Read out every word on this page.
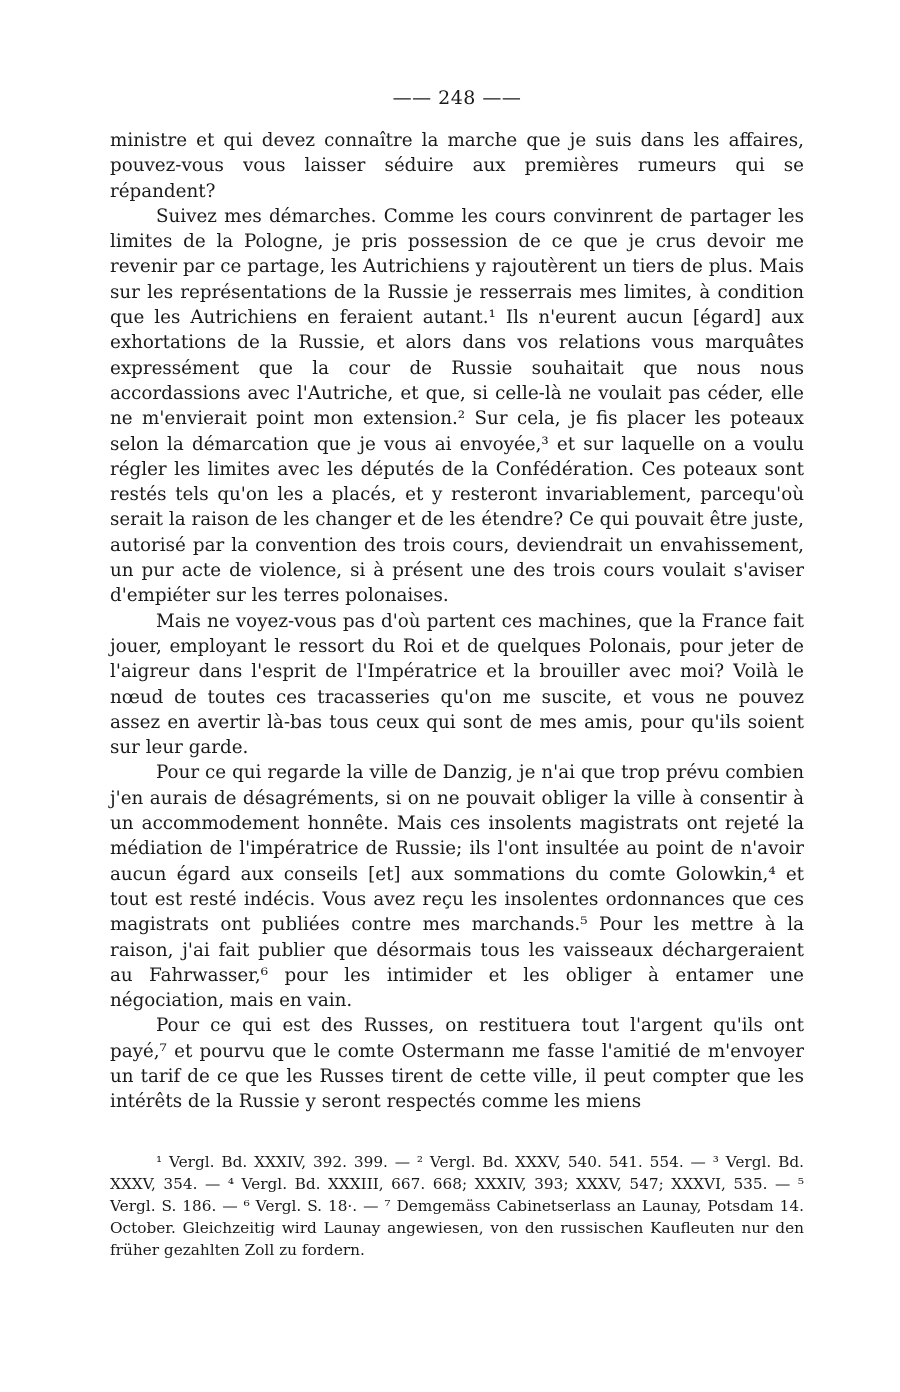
—— 248 ——

ministre et qui devez connaître la marche que je suis dans les affaires, pouvez-vous vous laisser séduire aux premières rumeurs qui se répandent?

Suivez mes démarches. Comme les cours convinrent de partager les limites de la Pologne, je pris possession de ce que je crus devoir me revenir par ce partage, les Autrichiens y rajoutèrent un tiers de plus. Mais sur les représentations de la Russie je resserrais mes limites, à condition que les Autrichiens en feraient autant.¹ Ils n'eurent aucun [égard] aux exhortations de la Russie, et alors dans vos relations vous marquâtes expressément que la cour de Russie souhaitait que nous nous accordassions avec l'Autriche, et que, si celle-là ne voulait pas céder, elle ne m'envierait point mon extension.² Sur cela, je fis placer les poteaux selon la démarcation que je vous ai envoyée,³ et sur laquelle on a voulu régler les limites avec les députés de la Confédération. Ces poteaux sont restés tels qu'on les a placés, et y resteront invariablement, parcequ'où serait la raison de les changer et de les étendre? Ce qui pouvait être juste, autorisé par la convention des trois cours, deviendrait un envahissement, un pur acte de violence, si à présent une des trois cours voulait s'aviser d'empiéter sur les terres polonaises.

Mais ne voyez-vous pas d'où partent ces machines, que la France fait jouer, employant le ressort du Roi et de quelques Polonais, pour jeter de l'aigreur dans l'esprit de l'Impératrice et la brouiller avec moi? Voilà le nœud de toutes ces tracasseries qu'on me suscite, et vous ne pouvez assez en avertir là-bas tous ceux qui sont de mes amis, pour qu'ils soient sur leur garde.

Pour ce qui regarde la ville de Danzig, je n'ai que trop prévu combien j'en aurais de désagréments, si on ne pouvait obliger la ville à consentir à un accommodement honnête. Mais ces insolents magistrats ont rejeté la médiation de l'impératrice de Russie; ils l'ont insultée au point de n'avoir aucun égard aux conseils [et] aux sommations du comte Golowkin,⁴ et tout est resté indécis. Vous avez reçu les insolentes ordonnances que ces magistrats ont publiées contre mes marchands.⁵ Pour les mettre à la raison, j'ai fait publier que désormais tous les vaisseaux déchargeraient au Fahrwasser,⁶ pour les intimider et les obliger à entamer une négociation, mais en vain.

Pour ce qui est des Russes, on restituera tout l'argent qu'ils ont payé,⁷ et pourvu que le comte Ostermann me fasse l'amitié de m'envoyer un tarif de ce que les Russes tirent de cette ville, il peut compter que les intérêts de la Russie y seront respectés comme les miens

¹ Vergl. Bd. XXXIV, 392. 399. — ² Vergl. Bd. XXXV, 540. 541. 554. — ³ Vergl. Bd. XXXV, 354. — ⁴ Vergl. Bd. XXXIII, 667. 668; XXXIV, 393; XXXV, 547; XXXVI, 535. — ⁵ Vergl. S. 186. — ⁶ Vergl. S. 18·. — ⁷ Demgemäss Cabinetserlass an Launay, Potsdam 14. October. Gleichzeitig wird Launay angewiesen, von den russischen Kaufleuten nur den früher gezahlten Zoll zu fordern.
